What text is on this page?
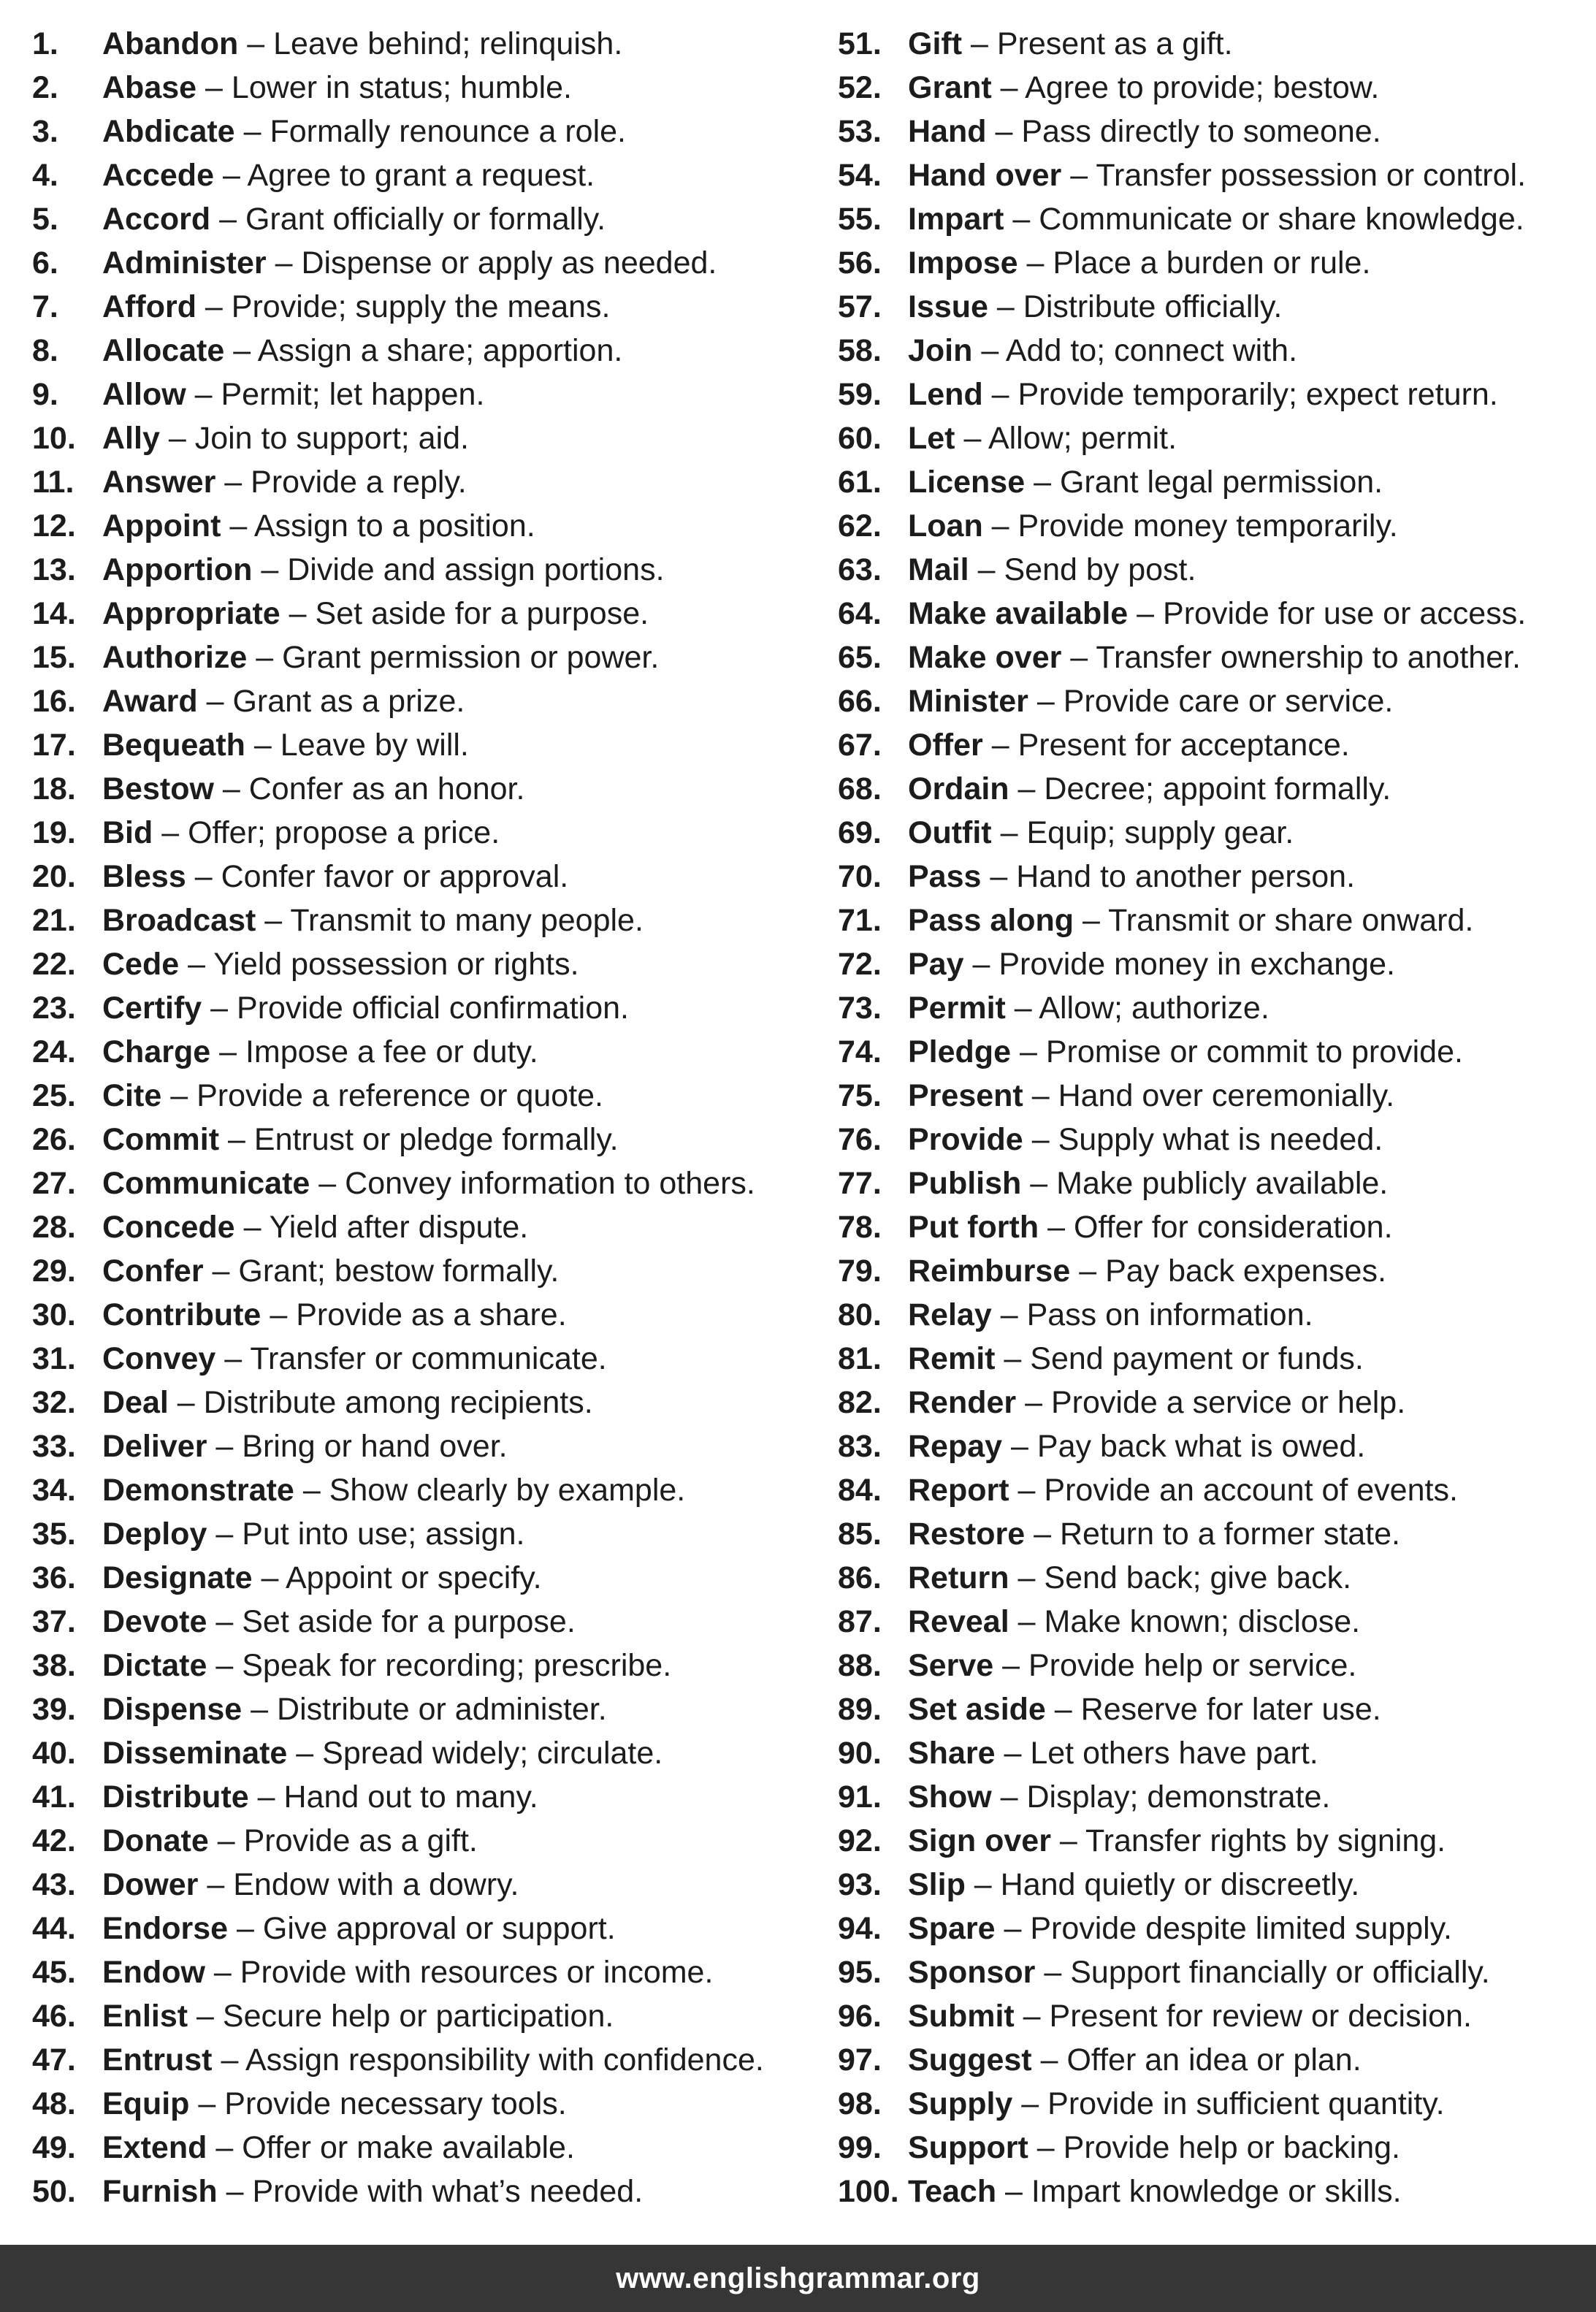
1. Abandon – Leave behind; relinquish.
2. Abase – Lower in status; humble.
3. Abdicate – Formally renounce a role.
4. Accede – Agree to grant a request.
5. Accord – Grant officially or formally.
6. Administer – Dispense or apply as needed.
7. Afford – Provide; supply the means.
8. Allocate – Assign a share; apportion.
9. Allow – Permit; let happen.
10. Ally – Join to support; aid.
11. Answer – Provide a reply.
12. Appoint – Assign to a position.
13. Apportion – Divide and assign portions.
14. Appropriate – Set aside for a purpose.
15. Authorize – Grant permission or power.
16. Award – Grant as a prize.
17. Bequeath – Leave by will.
18. Bestow – Confer as an honor.
19. Bid – Offer; propose a price.
20. Bless – Confer favor or approval.
21. Broadcast – Transmit to many people.
22. Cede – Yield possession or rights.
23. Certify – Provide official confirmation.
24. Charge – Impose a fee or duty.
25. Cite – Provide a reference or quote.
26. Commit – Entrust or pledge formally.
27. Communicate – Convey information to others.
28. Concede – Yield after dispute.
29. Confer – Grant; bestow formally.
30. Contribute – Provide as a share.
31. Convey – Transfer or communicate.
32. Deal – Distribute among recipients.
33. Deliver – Bring or hand over.
34. Demonstrate – Show clearly by example.
35. Deploy – Put into use; assign.
36. Designate – Appoint or specify.
37. Devote – Set aside for a purpose.
38. Dictate – Speak for recording; prescribe.
39. Dispense – Distribute or administer.
40. Disseminate – Spread widely; circulate.
41. Distribute – Hand out to many.
42. Donate – Provide as a gift.
43. Dower – Endow with a dowry.
44. Endorse – Give approval or support.
45. Endow – Provide with resources or income.
46. Enlist – Secure help or participation.
47. Entrust – Assign responsibility with confidence.
48. Equip – Provide necessary tools.
49. Extend – Offer or make available.
50. Furnish – Provide with what’s needed.
51. Gift – Present as a gift.
52. Grant – Agree to provide; bestow.
53. Hand – Pass directly to someone.
54. Hand over – Transfer possession or control.
55. Impart – Communicate or share knowledge.
56. Impose – Place a burden or rule.
57. Issue – Distribute officially.
58. Join – Add to; connect with.
59. Lend – Provide temporarily; expect return.
60. Let – Allow; permit.
61. License – Grant legal permission.
62. Loan – Provide money temporarily.
63. Mail – Send by post.
64. Make available – Provide for use or access.
65. Make over – Transfer ownership to another.
66. Minister – Provide care or service.
67. Offer – Present for acceptance.
68. Ordain – Decree; appoint formally.
69. Outfit – Equip; supply gear.
70. Pass – Hand to another person.
71. Pass along – Transmit or share onward.
72. Pay – Provide money in exchange.
73. Permit – Allow; authorize.
74. Pledge – Promise or commit to provide.
75. Present – Hand over ceremonially.
76. Provide – Supply what is needed.
77. Publish – Make publicly available.
78. Put forth – Offer for consideration.
79. Reimburse – Pay back expenses.
80. Relay – Pass on information.
81. Remit – Send payment or funds.
82. Render – Provide a service or help.
83. Repay – Pay back what is owed.
84. Report – Provide an account of events.
85. Restore – Return to a former state.
86. Return – Send back; give back.
87. Reveal – Make known; disclose.
88. Serve – Provide help or service.
89. Set aside – Reserve for later use.
90. Share – Let others have part.
91. Show – Display; demonstrate.
92. Sign over – Transfer rights by signing.
93. Slip – Hand quietly or discreetly.
94. Spare – Provide despite limited supply.
95. Sponsor – Support financially or officially.
96. Submit – Present for review or decision.
97. Suggest – Offer an idea or plan.
98. Supply – Provide in sufficient quantity.
99. Support – Provide help or backing.
100. Teach – Impart knowledge or skills.
www.englishgrammar.org
